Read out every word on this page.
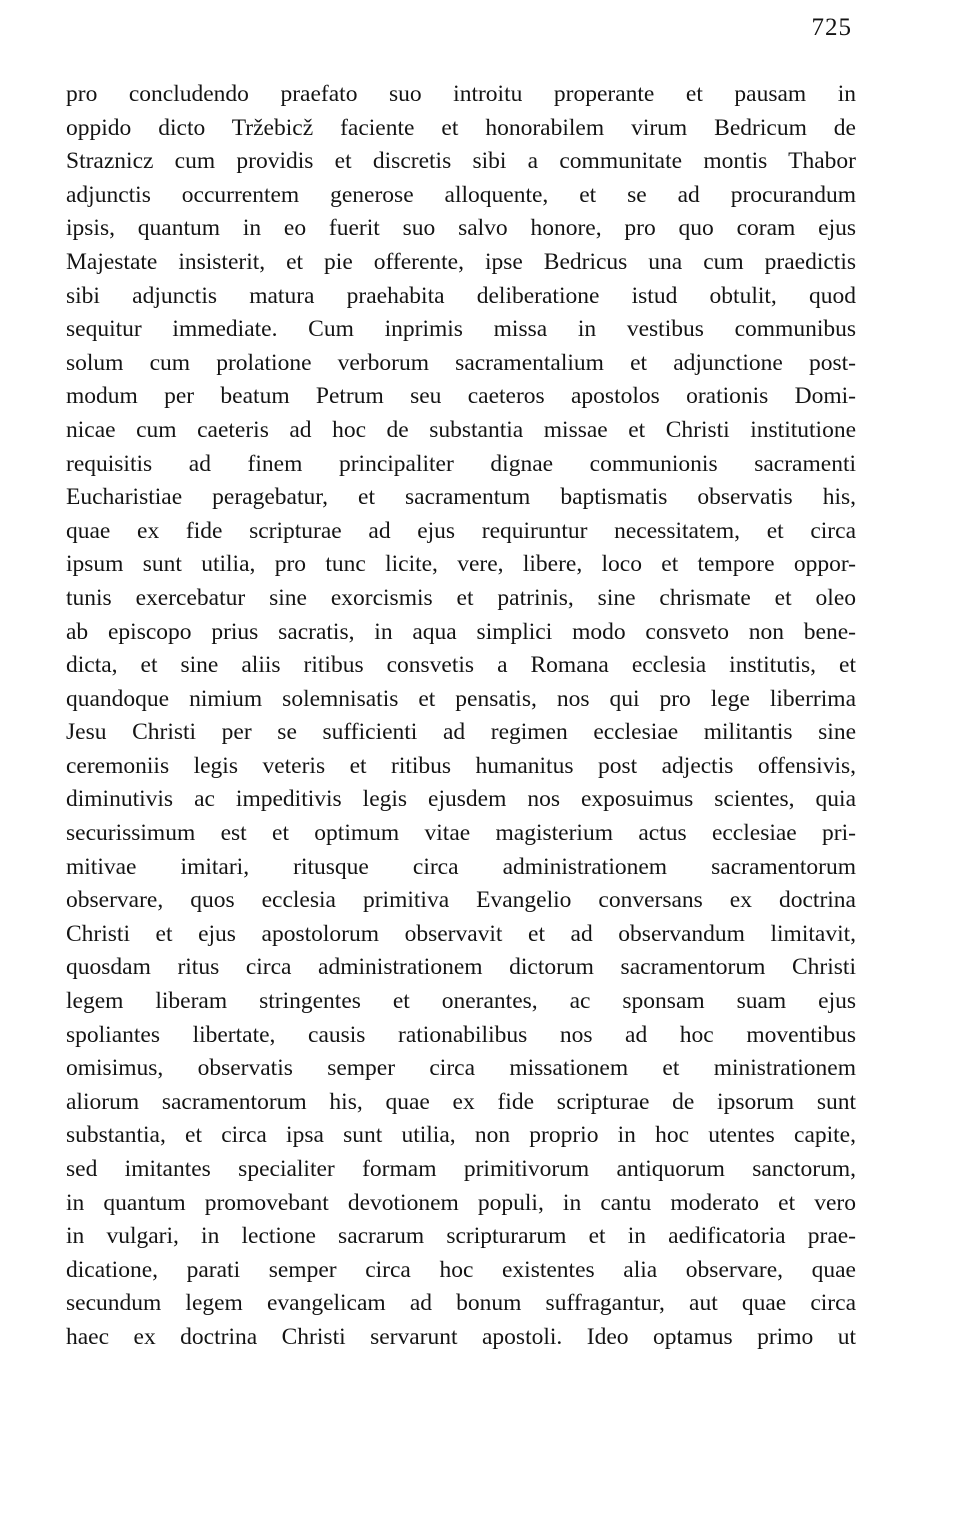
725
pro concludendo praefato suo introitu properante et pausam in
oppido dicto Tržebicž faciente et honorabilem virum Bedricum de
Straznicz cum providis et discretis sibi a communitate montis Thabor
adjunctis occurrentem generose alloquente, et se ad procurandum
ipsis, quantum in eo fuerit suo salvo honore, pro quo coram ejus
Majestate insisterit, et pie offerente, ipse Bedricus una cum praedictis
sibi adjunctis matura praehabita deliberatione istud obtulit, quod
sequitur immediate. Cum inprimis missa in vestibus communibus
solum cum prolatione verborum sacramentalium et adjunctione post-
modum per beatum Petrum seu caeteros apostolos orationis Domi-
nicae cum caeteris ad hoc de substantia missae et Christi institutione
requisitis ad finem principaliter dignae communionis sacramenti
Eucharistiae peragebatur, et sacramentum baptismatis observatis his,
quae ex fide scripturae ad ejus requiruntur necessitatem, et circa
ipsum sunt utilia, pro tunc licite, vere, libere, loco et tempore oppor-
tunis exercebatur sine exorcismis et patrinis, sine chrismate et oleo
ab episcopo prius sacratis, in aqua simplici modo consveto non bene-
dicta, et sine aliis ritibus consvetis a Romana ecclesia institutis, et
quandoque nimium solemnisatis et pensatis, nos qui pro lege liberrima
Jesu Christi per se sufficienti ad regimen ecclesiae militantis sine
ceremoniis legis veteris et ritibus humanitus post adjectis offensivis,
diminutivis ac impeditivis legis ejusdem nos exposuimus scientes, quia
securissimum est et optimum vitae magisterium actus ecclesiae pri-
mitivae imitari, ritusque circa administrationem sacramentorum
observare, quos ecclesia primitiva Evangelio conversans ex doctrina
Christi et ejus apostolorum observavit et ad observandum limitavit,
quosdam ritus circa administrationem dictorum sacramentorum Christi
legem liberam stringentes et onerantes, ac sponsam suam ejus
spoliantes libertate, causis rationabilibus nos ad hoc moventibus
omisimus, observatis semper circa missationem et ministrationem
aliorum sacramentorum his, quae ex fide scripturae de ipsorum sunt
substantia, et circa ipsa sunt utilia, non proprio in hoc utentes capite,
sed imitantes specialiter formam primitivorum antiquorum sanctorum,
in quantum promovebant devotionem populi, in cantu moderato et vero
in vulgari, in lectione sacrarum scripturarum et in aedificatoria prae-
dicatione, parati semper circa hoc existentes alia observare, quae
secundum legem evangelicam ad bonum suffragantur, aut quae circa
haec ex doctrina Christi servarunt apostoli. Ideo optamus primo ut
